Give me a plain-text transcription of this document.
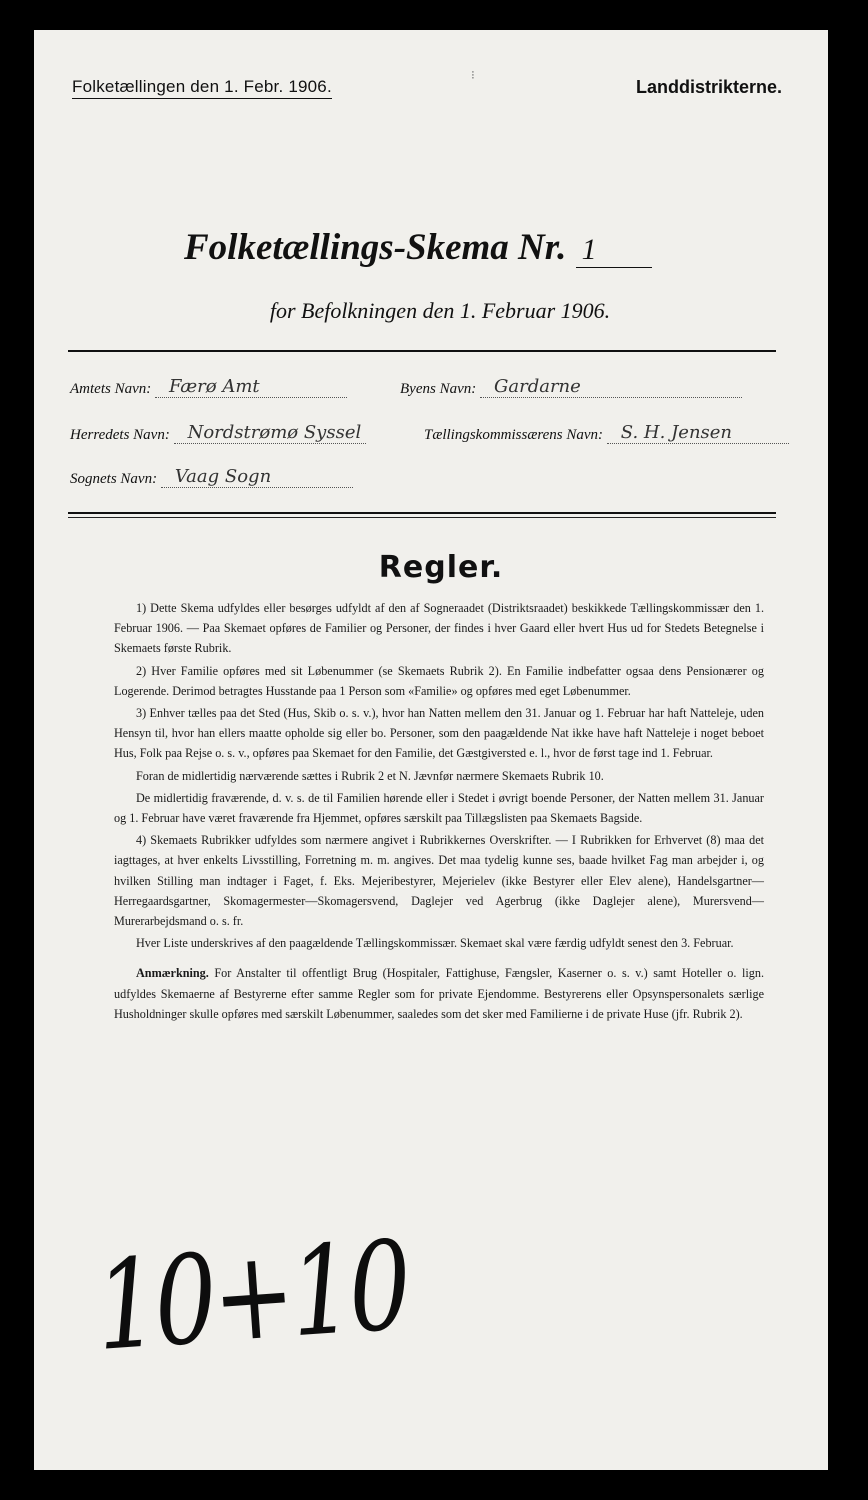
Folketællingen den 1. Febr. 1906.
⁝
Landdistrikterne.
Folketællings-Skema Nr. 1
for Befolkningen den 1. Februar 1906.
Amtets Navn: Færø Amt	Byens Navn: Gardarne
Herredets Navn: Nordstrømø Syssel	Tællingskommissærens Navn: S. H. Jensen
Sognets Navn: Vaag Sogn
Regler.

1) Dette Skema udfyldes eller besørges udfyldt af den af Sogneraadet (Distriktsraadet) beskikkede Tællingskommissær den 1. Februar 1906. — Paa Skemaet opføres de Familier og Personer, der findes i hver Gaard eller hvert Hus ud for Stedets Betegnelse i Skemaets første Rubrik.

2) Hver Familie opføres med sit Løbenummer (se Skemaets Rubrik 2). En Familie indbefatter ogsaa dens Pensionærer og Logerende. Derimod betragtes Husstande paa 1 Person som «Familie» og opføres med eget Løbenummer.

3) Enhver tælles paa det Sted (Hus, Skib o. s. v.), hvor han Natten mellem den 31. Januar og 1. Februar har haft Natteleje, uden Hensyn til, hvor han ellers maatte opholde sig eller bo. Personer, som den paagældende Nat ikke have haft Natteleje i noget beboet Hus, Folk paa Rejse o. s. v., opføres paa Skemaet for den Familie, det Gæstgiversted e. l., hvor de først tage ind 1. Februar.

Foran de midlertidig nærværende sættes i Rubrik 2 et N. Jævnfør nærmere Skemaets Rubrik 10.

De midlertidig fraværende, d. v. s. de til Familien hørende eller i Stedet i øvrigt boende Personer, der Natten mellem 31. Januar og 1. Februar have været fraværende fra Hjemmet, opføres særskilt paa Tillægslisten paa Skemaets Bagside.

4) Skemaets Rubrikker udfyldes som nærmere angivet i Rubrikkernes Overskrifter. — I Rubrikken for Erhvervet (8) maa det iagttages, at hver enkelts Livsstilling, Forretning m. m. angives. Det maa tydelig kunne ses, baade hvilket Fag man arbejder i, og hvilken Stilling man indtager i Faget, f. Eks. Mejeribestyrer, Mejerielev (ikke Bestyrer eller Elev alene), Handelsgartner—Herregaardsgartner, Skomagermester—Skomagersvend, Daglejer ved Agerbrug (ikke Daglejer alene), Murersvend—Murerarbejdsmand o. s. fr.

Hver Liste underskrives af den paagældende Tællingskommissær. Skemaet skal være færdig udfyldt senest den 3. Februar.

Anmærkning. For Anstalter til offentligt Brug (Hospitaler, Fattighuse, Fængsler, Kaserner o. s. v.) samt Hoteller o. lign. udfyldes Skemaerne af Bestyrerne efter samme Regler som for private Ejendomme. Bestyrerens eller Opsynspersonalets særlige Husholdninger skulle opføres med særskilt Løbenummer, saaledes som det sker med Familierne i de private Huse (jfr. Rubrik 2).

10+10
